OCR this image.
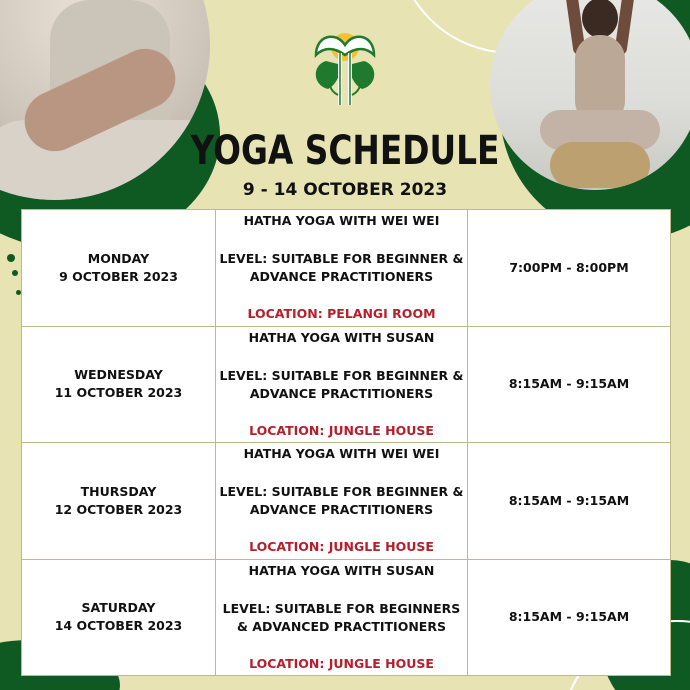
YOGA SCHEDULE
9 - 14 OCTOBER 2023
MONDAY
9 OCTOBER 2023
HATHA YOGA WITH WEI WEI
LEVEL: SUITABLE FOR BEGINNER &
ADVANCE PRACTITIONERS
LOCATION: PELANGI ROOM
7:00PM - 8:00PM
WEDNESDAY
11 OCTOBER 2023
HATHA YOGA WITH SUSAN
LEVEL: SUITABLE FOR BEGINNER &
ADVANCE PRACTITIONERS
LOCATION: JUNGLE HOUSE
8:15AM - 9:15AM
THURSDAY
12 OCTOBER 2023
HATHA YOGA WITH WEI WEI
LEVEL: SUITABLE FOR BEGINNER &
ADVANCE PRACTITIONERS
LOCATION: JUNGLE HOUSE
8:15AM - 9:15AM
SATURDAY
14 OCTOBER 2023
HATHA YOGA WITH SUSAN
LEVEL: SUITABLE FOR BEGINNERS
& ADVANCED PRACTITIONERS
LOCATION: JUNGLE HOUSE
8:15AM - 9:15AM
